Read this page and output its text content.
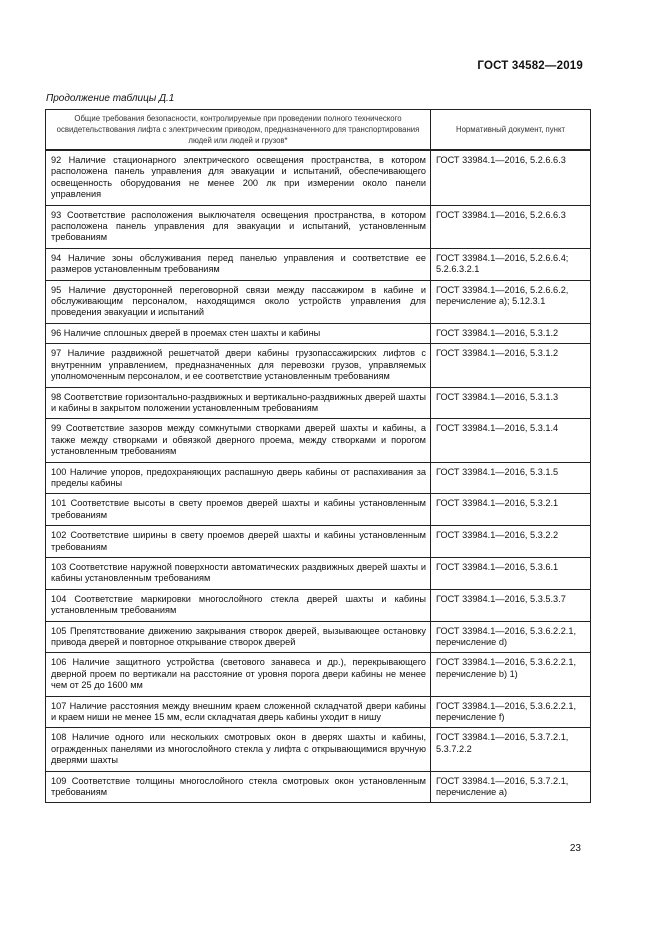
ГОСТ 34582—2019
Продолжение таблицы Д.1
Общие требования безопасности, контролируемые при проведении полного технического освидетельствования лифта с электрическим приводом, предназначенного для транспортирования людей или людей и грузов*	Нормативный документ, пункт
92 Наличие стационарного электрического освещения пространства, в котором расположена панель управления для эвакуации и испытаний, обеспечивающего освещенность оборудования не менее 200 лк при измерении около панели управления	ГОСТ 33984.1—2016, 5.2.6.6.3
93 Соответствие расположения выключателя освещения пространства, в котором расположена панель управления для эвакуации и испытаний, установленным требованиям	ГОСТ 33984.1—2016, 5.2.6.6.3
94 Наличие зоны обслуживания перед панелью управления и соответствие ее размеров установленным требованиям	ГОСТ 33984.1—2016, 5.2.6.6.4; 5.2.6.3.2.1
95 Наличие двусторонней переговорной связи между пассажиром в кабине и обслуживающим персоналом, находящимся около устройств управления для проведения эвакуации и испытаний	ГОСТ 33984.1—2016, 5.2.6.6.2, перечисление а); 5.12.3.1
96 Наличие сплошных дверей в проемах стен шахты и кабины	ГОСТ 33984.1—2016, 5.3.1.2
97 Наличие раздвижной решетчатой двери кабины грузопассажирских лифтов с внутренним управлением, предназначенных для перевозки грузов, управляемых уполномоченным персоналом, и ее соответствие установленным требованиям	ГОСТ 33984.1—2016, 5.3.1.2
98 Соответствие горизонтально-раздвижных и вертикально-раздвижных дверей шахты и кабины в закрытом положении установленным требованиям	ГОСТ 33984.1—2016, 5.3.1.3
99 Соответствие зазоров между сомкнутыми створками дверей шахты и кабины, а также между створками и обвязкой дверного проема, между створками и порогом установленным требованиям	ГОСТ 33984.1—2016, 5.3.1.4
100 Наличие упоров, предохраняющих распашную дверь кабины от распахивания за пределы кабины	ГОСТ 33984.1—2016, 5.3.1.5
101 Соответствие высоты в свету проемов дверей шахты и кабины установленным требованиям	ГОСТ 33984.1—2016, 5.3.2.1
102 Соответствие ширины в свету проемов дверей шахты и кабины установленным требованиям	ГОСТ 33984.1—2016, 5.3.2.2
103 Соответствие наружной поверхности автоматических раздвижных дверей шахты и кабины установленным требованиям	ГОСТ 33984.1—2016, 5.3.6.1
104 Соответствие маркировки многослойного стекла дверей шахты и кабины установленным требованиям	ГОСТ 33984.1—2016, 5.3.5.3.7
105 Препятствование движению закрывания створок дверей, вызывающее остановку привода дверей и повторное открывание створок дверей	ГОСТ 33984.1—2016, 5.3.6.2.2.1, перечисление d)
106 Наличие защитного устройства (светового занавеса и др.), перекрывающего дверной проем по вертикали на расстояние от уровня порога двери кабины не менее чем от 25 до 1600 мм	ГОСТ 33984.1—2016, 5.3.6.2.2.1, перечисление b) 1)
107 Наличие расстояния между внешним краем сложенной складчатой двери кабины и краем ниши не менее 15 мм, если складчатая дверь кабины уходит в нишу	ГОСТ 33984.1—2016, 5.3.6.2.2.1, перечисление f)
108 Наличие одного или нескольких смотровых окон в дверях шахты и кабины, огражденных панелями из многослойного стекла у лифта с открывающимися вручную дверями шахты	ГОСТ 33984.1—2016, 5.3.7.2.1, 5.3.7.2.2
109 Соответствие толщины многослойного стекла смотровых окон установленным требованиям	ГОСТ 33984.1—2016, 5.3.7.2.1, перечисление a)
23
